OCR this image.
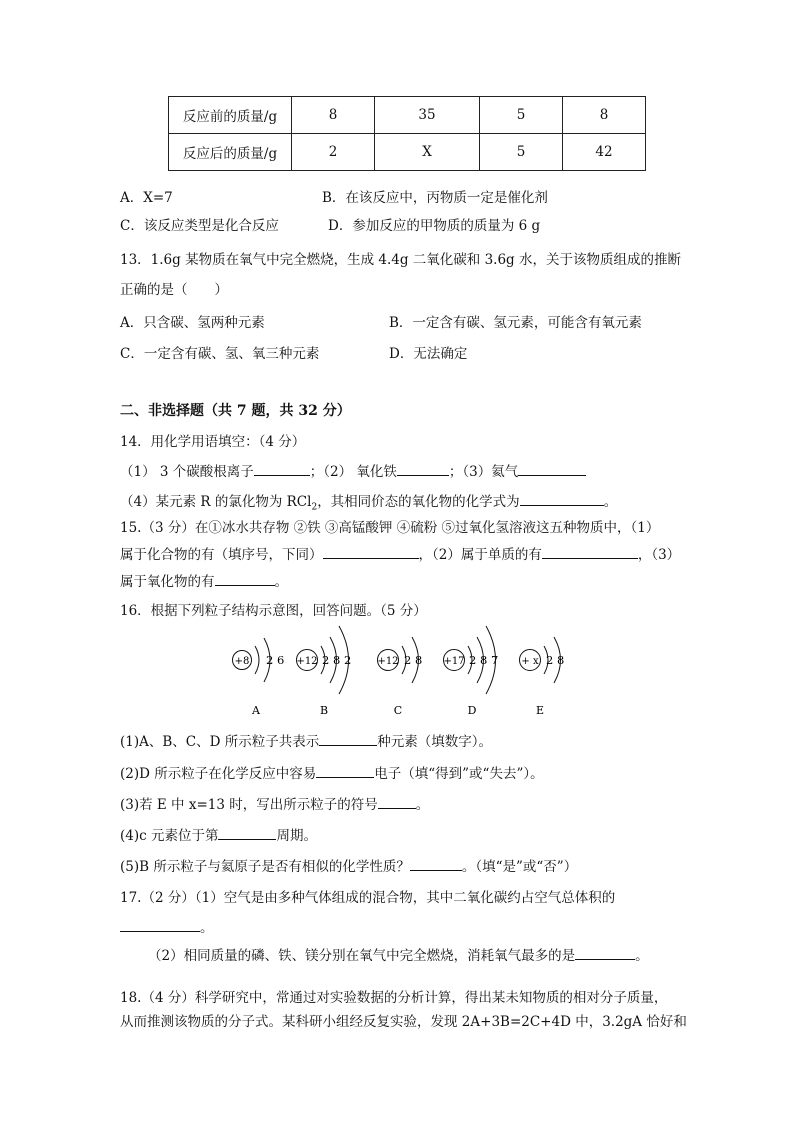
反应前的质量/g	8	35	5	8
反应后的质量/g	2	X	5	42
A．X=7	B．在该反应中，丙物质一定是催化剂
C．该反应类型是化合反应	D．参加反应的甲物质的质量为 6 g
13．1.6g 某物质在氧气中完全燃烧，生成 4.4g 二氧化碳和 3.6g 水，关于该物质组成的推断
正确的是（　　）
A．只含碳、氢两种元素	B．一定含有碳、氢元素，可能含有氧元素
C．一定含有碳、氢、氧三种元素	D．无法确定
二、非选择题（共 7 题，共 32 分）
14．用化学用语填空：（4 分）
（1） 3 个碳酸根离子	；（2） 氧化铁	；（3）氦气
（4）某元素 R 的氯化物为 RCl$_2$，其相同价态的氧化物的化学式为	。
15.（3 分）在①冰水共存物 ②铁 ③高锰酸钾 ④硫粉 ⑤过氧化氢溶液这五种物质中，（1）
属于化合物的有（填序号，下同）	，（2）属于单质的有	，（3）
属于氧化物的有	。
16．根据下列粒子结构示意图，回答问题。（5 分）
+8 2 6
A
+12 2 8 2
B
+12 2 8
C
+17 2 8 7
D
+ x 2 8
E
(1)A、B、C、D 所示粒子共表示	种元素（填数字）。
(2)D 所示粒子在化学反应中容易	电子（填“得到”或“失去”）。
(3)若 E 中 x=13 时，写出所示粒子的符号	。
(4)c 元素位于第	周期。
(5)B 所示粒子与氦原子是否有相似的化学性质？	。（填“是”或“否”）
17.（2 分）（1）空气是由多种气体组成的混合物，其中二氧化碳约占空气总体积的
。
（2）相同质量的磷、铁、镁分别在氧气中完全燃烧，消耗氧气最多的是	。
18.（4 分）科学研究中，常通过对实验数据的分析计算，得出某未知物质的相对分子质量，
从而推测该物质的分子式。某科研小组经反复实验，发现 2A+3B=2C+4D 中，3.2gA 恰好和
